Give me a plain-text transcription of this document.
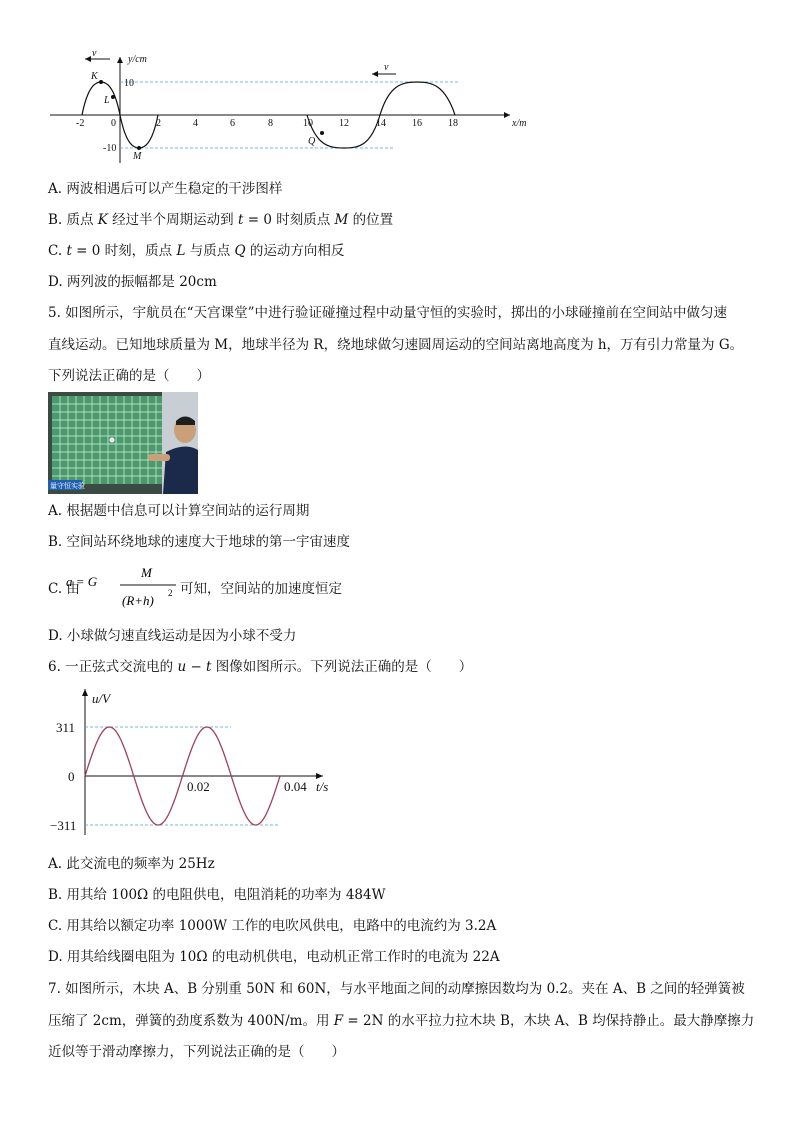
v
v
y/cm
x/m
10
-10
-2	0	2	4	6	8	10	12	14	16	18
K
L
M
Q
A. 两波相遇后可以产生稳定的干涉图样
B. 质点 K 经过半个周期运动到 t = 0 时刻质点 M 的位置
C. t = 0 时刻，质点 L 与质点 Q 的运动方向相反
D. 两列波的振幅都是 20cm
5. 如图所示，宇航员在“天宫课堂”中进行验证碰撞过程中动量守恒的实验时，掷出的小球碰撞前在空间站中做匀速
直线运动。已知地球质量为 M，地球半径为 R，绕地球做匀速圆周运动的空间站离地高度为 h，万有引力常量为 G。
下列说法正确的是（　　）
量守恒实验
A. 根据题中信息可以计算空间站的运行周期
B. 空间站环绕地球的速度大于地球的第一宇宙速度
C. 由
a = G
M
(R+h) 2 可知，空间站的加速度恒定
D. 小球做匀速直线运动是因为小球不受力
6. 一正弦式交流电的 u − t 图像如图所示。下列说法正确的是（　　）
u/V
t/s
311
0
−311
0.02	0.04
A. 此交流电的频率为 25Hz
B. 用其给 100Ω 的电阻供电，电阻消耗的功率为 484W
C. 用其给以额定功率 1000W 工作的电吹风供电，电路中的电流约为 3.2A
D. 用其给线圈电阻为 10Ω 的电动机供电，电动机正常工作时的电流为 22A
7. 如图所示，木块 A、B 分别重 50N 和 60N，与水平地面之间的动摩擦因数均为 0.2。夹在 A、B 之间的轻弹簧被
压缩了 2cm，弹簧的劲度系数为 400N/m。用 F = 2N 的水平拉力拉木块 B，木块 A、B 均保持静止。最大静摩擦力
近似等于滑动摩擦力，下列说法正确的是（　　）
